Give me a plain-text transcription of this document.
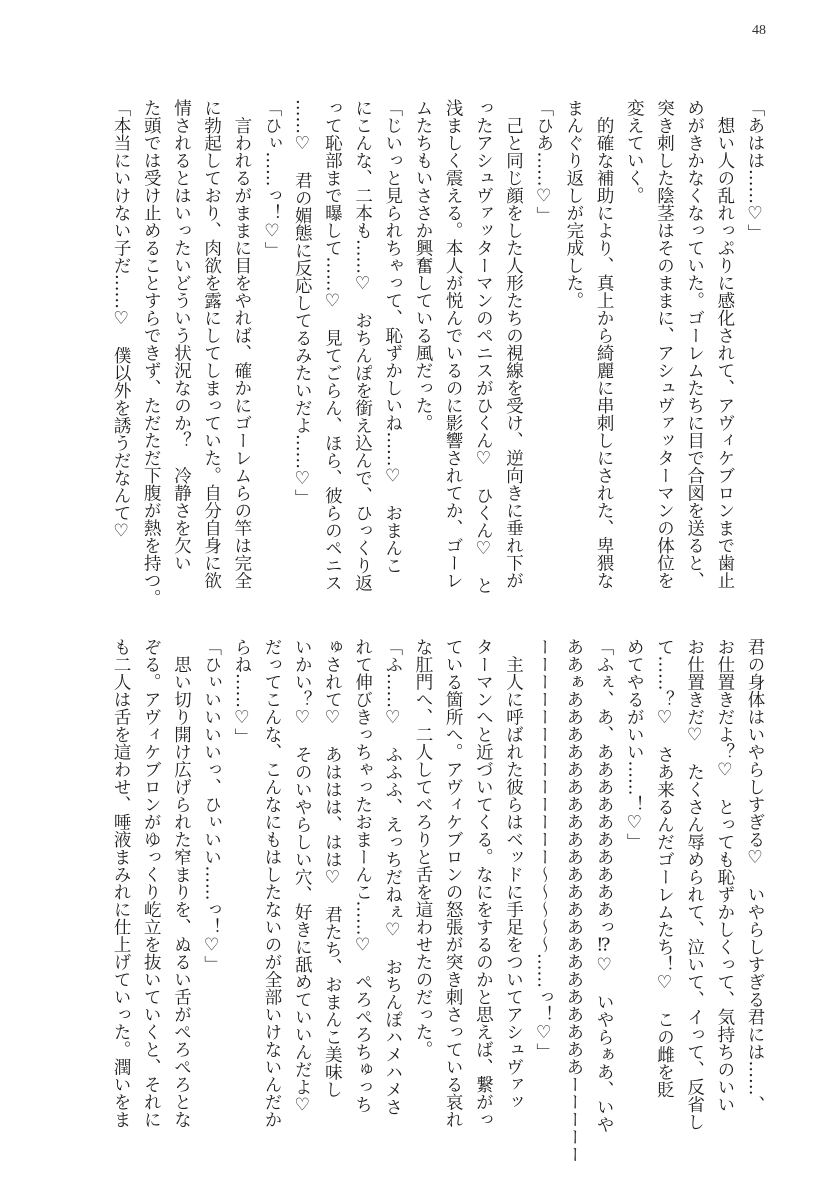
48
「あはは……♡」
　想い人の乱れっぷりに感化されて、アヴィケブロンまで歯止
めがきかなくなっていた。ゴーレムたちに目で合図を送ると、
突き刺した陰茎はそのままに、アシュヴァッターマンの体位を
変えていく。
　的確な補助により、真上から綺麗に串刺しにされた、卑猥な
まんぐり返しが完成した。
「ひあ……♡」
　己と同じ顔をした人形たちの視線を受け、逆向きに垂れ下が
ったアシュヴァッターマンのペニスがひくん♡　ひくん♡　と
浅ましく震える。本人が悦んでいるのに影響されてか、ゴーレ
ムたちもいささか興奮している風だった。
「じいっと見られちゃって、恥ずかしいね……♡　おまんこ
にこんな、二本も……♡　おちんぽを銜え込んで、ひっくり返
って恥部まで曝して……♡　見てごらん、ほら、彼らのペニス
……♡　君の媚態に反応してるみたいだよ……♡」
「ひぃ……っ！♡」
　言われるがままに目をやれば、確かにゴーレムらの竿は完全
に勃起しており、肉欲を露にしてしまっていた。自分自身に欲
情されるとはいったいどういう状況なのか？　冷静さを欠い
た頭では受け止めることすらできず、ただただ下腹が熱を持つ。
「本当にいけない子だ……♡　僕以外を誘うだなんて♡
君の身体はいやらしすぎる♡　いやらしすぎる君には……、
お仕置きだよ？♡　とっても恥ずかしくって、気持ちのいい
お仕置きだ♡　たくさん辱められて、泣いて、イって、反省し
て……？♡　さあ来るんだゴーレムたち！♡　この雌を貶
めてやるがいい……！♡」
「ふぇ、あ、ああああああああああっ⁉♡　いやらぁあ、いや
ああぁああああああああああああああああああああああーーーーー
ーーーーーーーーーーーーー〜〜〜〜〜……っ！♡」
　主人に呼ばれた彼らはベッドに手足をついてアシュヴァッ
ターマンへと近づいてくる。なにをするのかと思えば、繋がっ
ている箇所へ。アヴィケブロンの怒張が突き刺さっている哀れ
な肛門へ、二人してべろりと舌を這わせたのだった。
「ふ……♡　ふふふ、えっちだねぇ♡　おちんぽハメハメさ
れて伸びきっちゃったおまーんこ……♡　ぺろぺろちゅっち
ゅされて♡　あははは、はは♡　君たち、おまんこ美味し
いかい？♡　そのいやらしい穴、好きに舐めていいんだよ♡
だってこんな、こんなにもはしたないのが全部いけないんだか
らね……♡」
「ひぃいいいいっ、ひぃいい……っ！♡」
　思い切り開け広げられた窄まりを、ぬるい舌がぺろぺろとな
ぞる。アヴィケブロンがゆっくり屹立を抜いていくと、それに
も二人は舌を這わせ、唾液まみれに仕上げていった。潤いをま
